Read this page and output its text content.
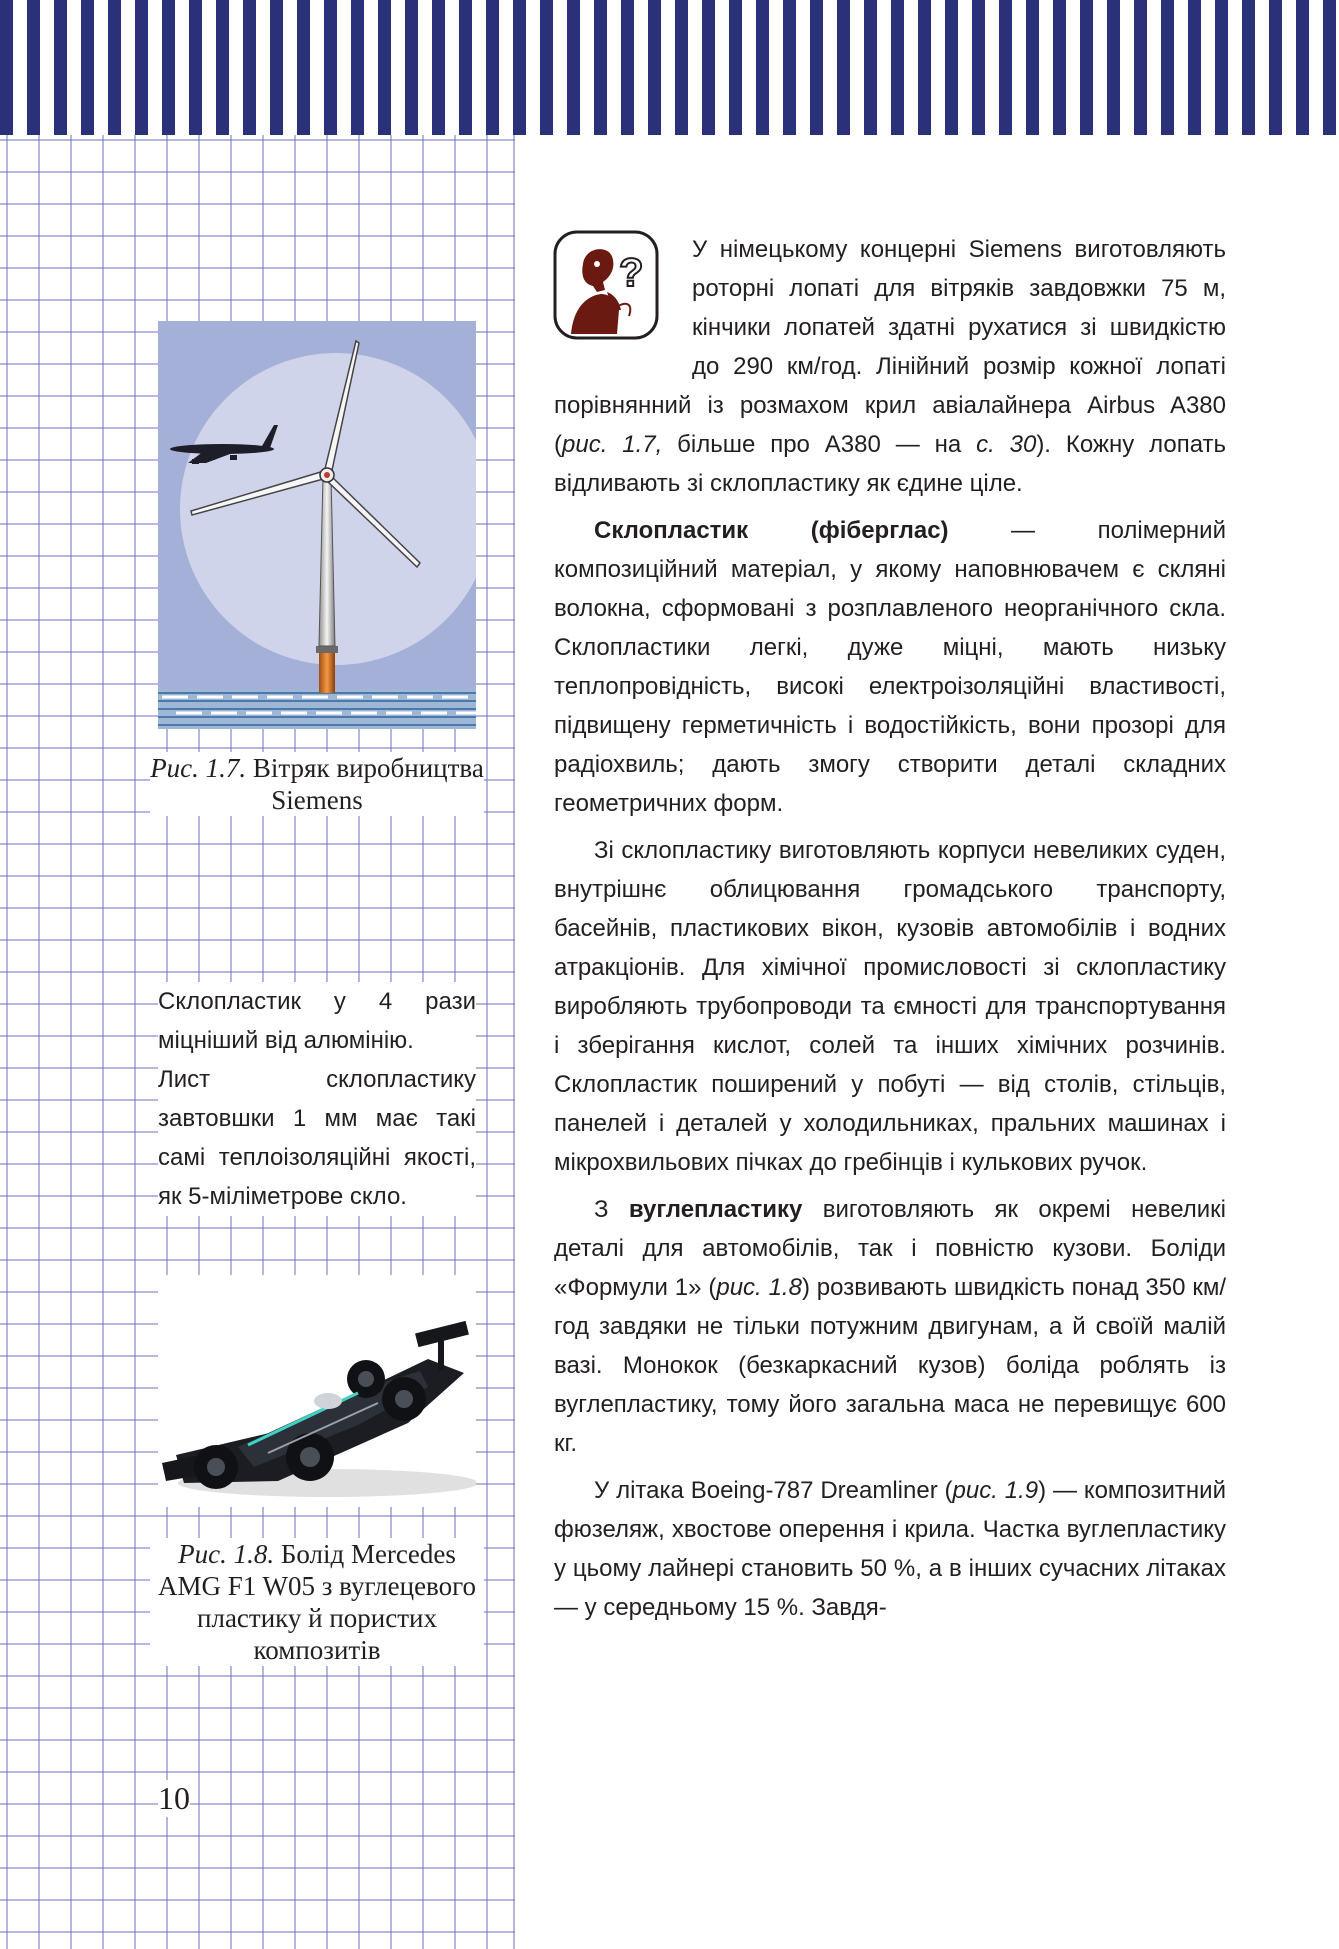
Рис. 1.7. Вітряк виробництва Siemens

Склопластик у 4 рази міцніший від алюмінію.

Лист склопластику завтовшки 1 мм має такі самі теплоізоляційні якості, як 5-міліметрове скло.

Рис. 1.8. Болід Mercedes AMG F1 W05 з вуглецевого пластику й пористих композитів
10
?

У німецькому концерні Siemens виготовляють роторні лопаті для вітряків завдовжки 75 м, кінчики лопатей здатні рухатися зі швидкістю до 290 км/год. Лінійний розмір кожної лопаті порівнянний із розмахом крил авіалайнера Airbus A380 (рис. 1.7, більше про A380 — на с. 30). Кожну лопать відливають зі склопластику як єдине ціле.

Склопластик (фіберглас) — полімерний композиційний матеріал, у якому наповнювачем є скляні волокна, сформовані з розплавленого неорганічного скла. Склопластики легкі, дуже міцні, мають низьку теплопровідність, високі електроізоляційні властивості, підвищену герметичність і водостійкість, вони прозорі для радіохвиль; дають змогу створити деталі складних геометричних форм.

Зі склопластику виготовляють корпуси невеликих суден, внутрішнє облицювання громадського транспорту, басейнів, пластикових вікон, кузовів автомобілів і водних атракціонів. Для хімічної промисловості зі склопластику виробляють трубопроводи та ємності для транспортування і зберігання кислот, солей та інших хімічних розчинів. Склопластик поширений у побуті — від столів, стільців, панелей і деталей у холодильниках, пральних машинах і мікрохвильових пічках до гребінців і кулькових ручок.

З вуглепластику виготовляють як окремі невеликі деталі для автомобілів, так і повністю кузови. Боліди «Формули 1» (рис. 1.8) розвивають швидкість понад 350 км/год завдяки не тільки потужним двигунам, а й своїй малій вазі. Монокок (безкаркасний кузов) боліда роблять із вуглепластику, тому його загальна маса не перевищує 600 кг.

У літака Boeing-787 Dreamliner (рис. 1.9) — композитний фюзеляж, хвостове оперення і крила. Частка вуглепластику у цьому лайнері становить 50 %, а в інших сучасних літаках — у середньому 15 %. Завдя-
